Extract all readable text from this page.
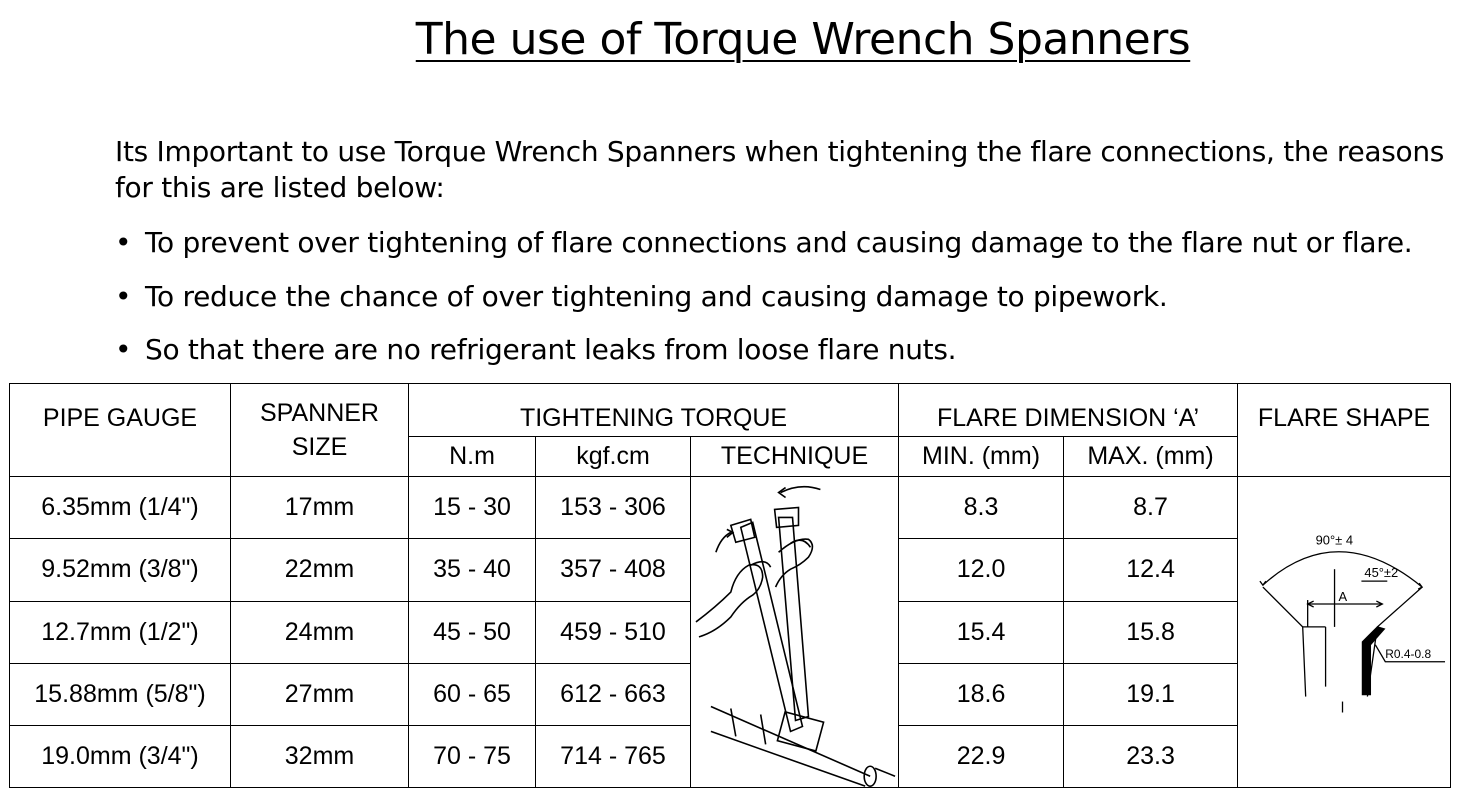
The use of Torque Wrench Spanners
Its Important to use Torque Wrench Spanners when tightening the flare connections, the reasons for this are listed below:
• To prevent over tightening of flare connections and causing damage to the flare nut or flare.
• To reduce the chance of over tightening and causing damage to pipework.
• So that there are no refrigerant leaks from loose flare nuts.
PIPE GAUGE	SPANNER SIZE	TIGHTENING TORQUE			FLARE DIMENSION ‘A’		FLARE SHAPE
		N.m	kgf.cm	TECHNIQUE	MIN. (mm)	MAX. (mm)	
6.35mm (1/4")	17mm	15 - 30	153 - 306		8.3	8.7	90°± 4
45°±2
A
R0.4-0.8

9.52mm (3/8")	22mm	35 - 40	357 - 408		12.0	12.4	
12.7mm (1/2")	24mm	45 - 50	459 - 510		15.4	15.8	
15.88mm (5/8")	27mm	60 - 65	612 - 663		18.6	19.1	
19.0mm (3/4")	32mm	70 - 75	714 - 765		22.9	23.3	
